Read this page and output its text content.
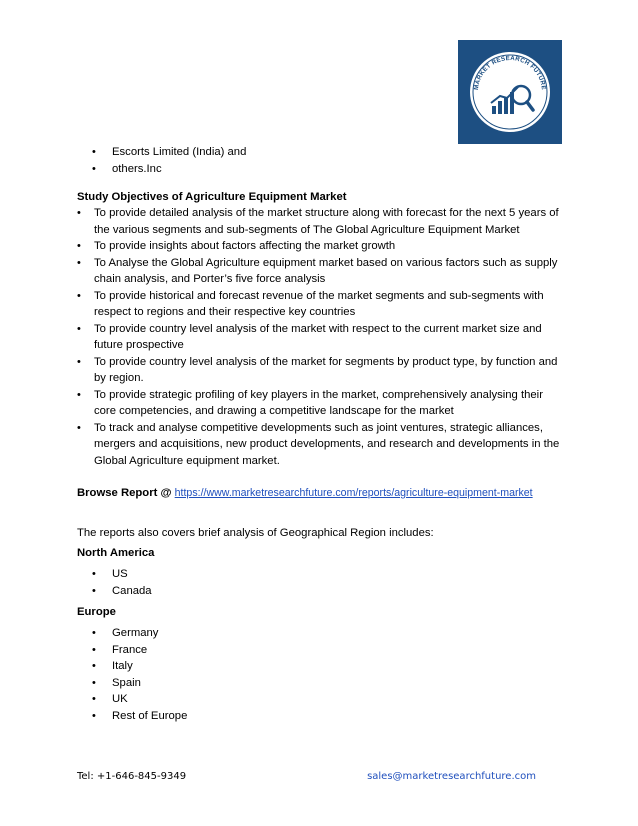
MARKET RESEARCH FUTURE
• Escorts Limited (India) and
• others.Inc
Study Objectives of Agriculture Equipment Market
• To provide detailed analysis of the market structure along with forecast for the next 5 years of the various segments and sub-segments of The Global Agriculture Equipment Market
• To provide insights about factors affecting the market growth
• To Analyse the Global Agriculture equipment market based on various factors such as supply chain analysis, and Porter’s five force analysis
• To provide historical and forecast revenue of the market segments and sub-segments with respect to regions and their respective key countries
• To provide country level analysis of the market with respect to the current market size and future prospective
• To provide country level analysis of the market for segments by product type, by function and by region.
• To provide strategic profiling of key players in the market, comprehensively analysing their core competencies, and drawing a competitive landscape for the market
• To track and analyse competitive developments such as joint ventures, strategic alliances, mergers and acquisitions, new product developments, and research and developments in the Global Agriculture equipment market.
Browse Report @ https://www.marketresearchfuture.com/reports/agriculture-equipment-market
The reports also covers brief analysis of Geographical Region includes:
North America
• US
• Canada
Europe
• Germany
• France
• Italy
• Spain
• UK
• Rest of Europe
Tel: +1-646-845-9349	sales@marketresearchfuture.com
